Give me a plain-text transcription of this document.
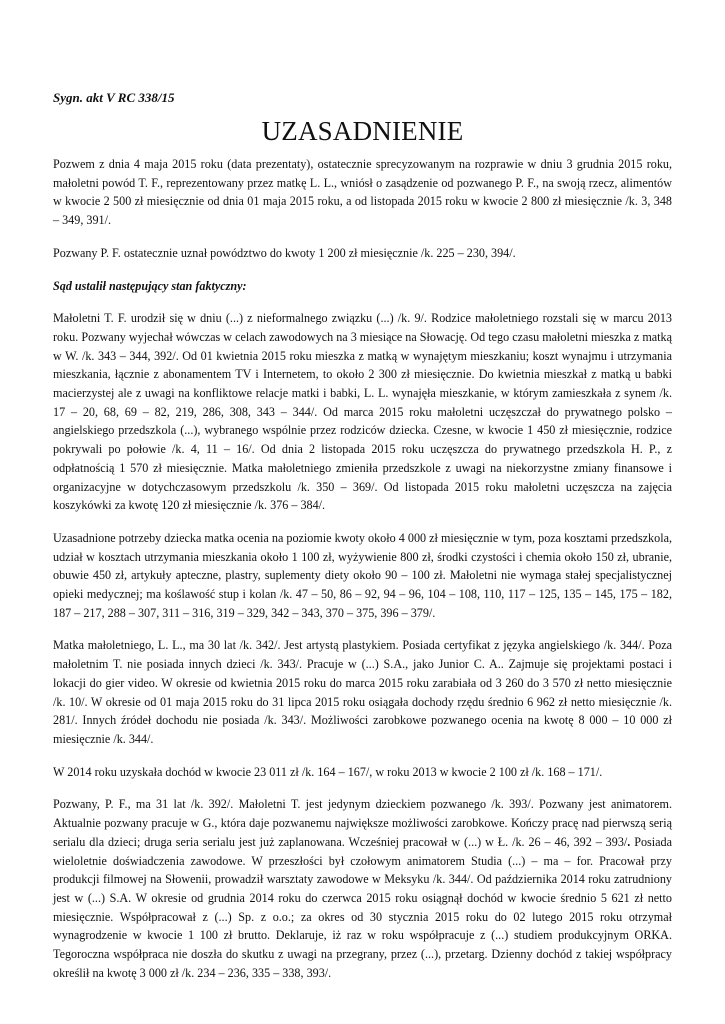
Sygn. akt V RC 338/15
UZASADNIENIE

Pozwem z dnia 4 maja 2015 roku (data prezentaty), ostatecznie sprecyzowanym na rozprawie w dniu 3 grudnia 2015 roku, małoletni powód T. F., reprezentowany przez matkę L. L., wniósł o zasądzenie od pozwanego P. F., na swoją rzecz, alimentów w kwocie 2 500 zł miesięcznie od dnia 01 maja 2015 roku, a od listopada 2015 roku w kwocie 2 800 zł miesięcznie /k. 3, 348 – 349, 391/.

Pozwany P. F. ostatecznie uznał powództwo do kwoty 1 200 zł miesięcznie /k. 225 – 230, 394/.

Sąd ustalił następujący stan faktyczny:

Małoletni T. F. urodził się w dniu (...) z nieformalnego związku (...) /k. 9/. Rodzice małoletniego rozstali się w marcu 2013 roku. Pozwany wyjechał wówczas w celach zawodowych na 3 miesiące na Słowację. Od tego czasu małoletni mieszka z matką w W. /k. 343 – 344, 392/. Od 01 kwietnia 2015 roku mieszka z matką w wynajętym mieszkaniu; koszt wynajmu i utrzymania mieszkania, łącznie z abonamentem TV i Internetem, to około 2 300 zł miesięcznie. Do kwietnia mieszkał z matką u babki macierzystej ale z uwagi na konfliktowe relacje matki i babki, L. L. wynajęła mieszkanie, w którym zamieszkała z synem /k. 17 – 20, 68, 69 – 82, 219, 286, 308, 343 – 344/. Od marca 2015 roku małoletni uczęszczał do prywatnego polsko – angielskiego przedszkola (...), wybranego wspólnie przez rodziców dziecka. Czesne, w kwocie 1 450 zł miesięcznie, rodzice pokrywali po połowie /k. 4, 11 – 16/. Od dnia 2 listopada 2015 roku uczęszcza do prywatnego przedszkola H. P., z odpłatnością 1 570 zł miesięcznie. Matka małoletniego zmieniła przedszkole z uwagi na niekorzystne zmiany finansowe i organizacyjne w dotychczasowym przedszkolu /k. 350 – 369/. Od listopada 2015 roku małoletni uczęszcza na zajęcia koszykówki za kwotę 120 zł miesięcznie /k. 376 – 384/.

Uzasadnione potrzeby dziecka matka ocenia na poziomie kwoty około 4 000 zł miesięcznie w tym, poza kosztami przedszkola, udział w kosztach utrzymania mieszkania około 1 100 zł, wyżywienie 800 zł, środki czystości i chemia około 150 zł, ubranie, obuwie 450 zł, artykuły apteczne, plastry, suplementy diety około 90 – 100 zł. Małoletni nie wymaga stałej specjalistycznej opieki medycznej; ma koślawość stup i kolan /k. 47 – 50, 86 – 92, 94 – 96, 104 – 108, 110, 117 – 125, 135 – 145, 175 – 182, 187 – 217, 288 – 307, 311 – 316, 319 – 329, 342 – 343, 370 – 375, 396 – 379/.

Matka małoletniego, L. L., ma 30 lat /k. 342/. Jest artystą plastykiem. Posiada certyfikat z języka angielskiego /k. 344/. Poza małoletnim T. nie posiada innych dzieci /k. 343/. Pracuje w (...) S.A., jako Junior C. A.. Zajmuje się projektami postaci i lokacji do gier video. W okresie od kwietnia 2015 roku do marca 2015 roku zarabiała od 3 260 do 3 570 zł netto miesięcznie /k. 10/. W okresie od 01 maja 2015 roku do 31 lipca 2015 roku osiągała dochody rzędu średnio 6 962 zł netto miesięcznie /k. 281/. Innych źródeł dochodu nie posiada /k. 343/. Możliwości zarobkowe pozwanego ocenia na kwotę 8 000 – 10 000 zł miesięcznie /k. 344/.

W 2014 roku uzyskała dochód w kwocie 23 011 zł /k. 164 – 167/, w roku 2013 w kwocie 2 100 zł /k. 168 – 171/.

Pozwany, P. F., ma 31 lat /k. 392/. Małoletni T. jest jedynym dzieckiem pozwanego /k. 393/. Pozwany jest animatorem. Aktualnie pozwany pracuje w G., która daje pozwanemu największe możliwości zarobkowe. Kończy pracę nad pierwszą serią serialu dla dzieci; druga seria serialu jest już zaplanowana. Wcześniej pracował w (...) w Ł. /k. 26 – 46, 392 – 393/. Posiada wieloletnie doświadczenia zawodowe. W przeszłości był czołowym animatorem Studia (...) – ma – for. Pracował przy produkcji filmowej na Słowenii, prowadził warsztaty zawodowe w Meksyku /k. 344/. Od października 2014 roku zatrudniony jest w (...) S.A. W okresie od grudnia 2014 roku do czerwca 2015 roku osiągnął dochód w kwocie średnio 5 621 zł netto miesięcznie. Współpracował z (...) Sp. z o.o.; za okres od 30 stycznia 2015 roku do 02 lutego 2015 roku otrzymał wynagrodzenie w kwocie 1 100 zł brutto. Deklaruje, iż raz w roku współpracuje z (...) studiem produkcyjnym ORKA. Tegoroczna współpraca nie doszła do skutku z uwagi na przegrany, przez (...), przetarg. Dzienny dochód z takiej współpracy określił na kwotę 3 000 zł /k. 234 – 236, 335 – 338, 393/.
